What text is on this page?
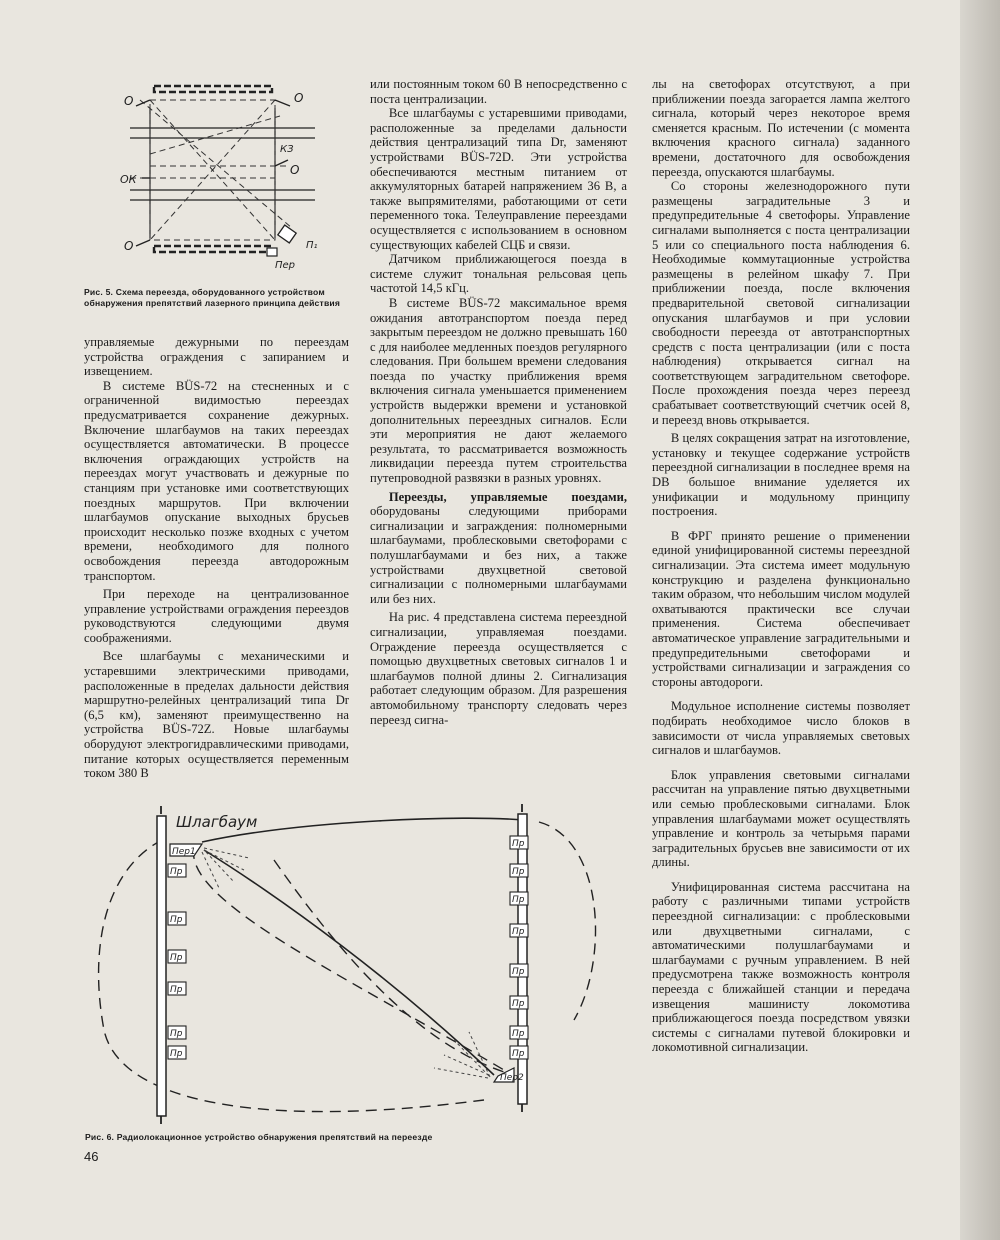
О	О
ОК
КЗ
О
О	П₁
Пер
Рис. 5. Схема переезда, оборудованного устройством обнаружения препятствий лазерного принципа действия

управляемые дежурными по переездам устройства ограждения с запиранием и извещением.

В системе BÜS-72 на стесненных и с ограниченной видимостью переездах предусматривается сохранение дежурных. Включение шлагбаумов на таких переездах осуществляется автоматически. В процессе включения ограждающих устройств на переездах могут участвовать и дежурные по станциям при установке ими соответствующих поездных маршрутов. При включении шлагбаумов опускание выходных брусьев происходит несколько позже входных с учетом времени, необходимого для полного освобождения переезда автодорожным транспортом.

При переходе на централизованное управление устройствами ограждения переездов руководствуются следующими двумя соображениями.

Все шлагбаумы с механическими и устаревшими электрическими приводами, расположенные в пределах дальности действия маршрутно-релейных централизаций типа Dr (6,5 км), заменяют преимущественно на устройства BÜS-72Z. Новые шлагбаумы оборудуют электрогидравлическими приводами, питание которых осуществляется переменным током 380 В

или постоянным током 60 В непосредственно с поста централизации.

Все шлагбаумы с устаревшими приводами, расположенные за пределами дальности действия централизаций типа Dr, заменяют устройствами BÜS-72D. Эти устройства обеспечиваются местным питанием от аккумуляторных батарей напряжением 36 В, а также выпрямителями, работающими от сети переменного тока. Телеуправление переездами осуществляется с использованием в основном существующих кабелей СЦБ и связи.

Датчиком приближающегося поезда в системе служит тональная рельсовая цепь частотой 14,5 кГц.

В системе BÜS-72 максимальное время ожидания автотранспортом поезда перед закрытым переездом не должно превышать 160 с для наиболее медленных поездов регулярного следования. При большем времени следования поезда по участку приближения время включения сигнала уменьшается применением устройств выдержки времени и установкой дополнительных переездных сигналов. Если эти мероприятия не дают желаемого результата, то рассматривается возможность ликвидации переезда путем строительства путепроводной развязки в разных уровнях.

Переезды, управляемые поездами, оборудованы следующими приборами сигнализации и заграждения: полномерными шлагбаумами, проблесковыми светофорами с полушлагбаумами и без них, а также устройствами двухцветной световой сигнализации с полномерными шлагбаумами или без них.

На рис. 4 представлена система переездной сигнализации, управляемая поездами. Ограждение переезда осуществляется с помощью двухцветных световых сигналов 1 и шлагбаумов полной длины 2. Сигнализация работает следующим образом. Для разрешения автомобильному транспорту следовать через переезд сигна-

лы на светофорах отсутствуют, а при приближении поезда загорается лампа желтого сигнала, который через некоторое время сменяется красным. По истечении (с момента включения красного сигнала) заданного времени, достаточного для освобождения переезда, опускаются шлагбаумы.

Со стороны железнодорожного пути размещены заградительные 3 и предупредительные 4 светофоры. Управление сигналами выполняется с поста централизации 5 или со специального поста наблюдения 6. Необходимые коммутационные устройства размещены в релейном шкафу 7. При приближении поезда, после включения предварительной световой сигнализации опускания шлагбаумов и при условии свободности переезда от автотранспортных средств с поста централизации (или с поста наблюдения) открывается сигнал на соответствующем заградительном светофоре. После прохождения поезда через переезд срабатывает соответствующий счетчик осей 8, и переезд вновь открывается.

В целях сокращения затрат на изготовление, установку и текущее содержание устройств переездной сигнализации в последнее время на DB большое внимание уделяется их унификации и модульному принципу построения.

В ФРГ принято решение о применении единой унифицированной системы переездной сигнализации. Эта система имеет модульную конструкцию и разделена функционально таким образом, что небольшим числом модулей охватываются практически все случаи применения. Система обеспечивает автоматическое управление заградительными и предупредительными светофорами и устройствами сигнализации и заграждения со стороны автодороги.

Модульное исполнение системы позволяет подбирать необходимое число блоков в зависимости от числа управляемых световых сигналов и шлагбаумов.

Блок управления световыми сигналами рассчитан на управление пятью двухцветными или семью проблесковыми сигналами. Блок управления шлагбаумами может осуществлять управление и контроль за четырьмя парами заградительных брусьев вне зависимости от их длины.

Унифицированная система рассчитана на работу с различными типами устройств переездной сигнализации: с проблесковыми или двухцветными сигналами, с автоматическими полушлагбаумами и шлагбаумами с ручным управлением. В ней предусмотрена также возможность контроля переезда с ближайшей станции и передача извещения машинисту локомотива приближающегося поезда посредством увязки системы с сигналами путевой блокировки и локомотивной сигнализации.

Пр
Пр
Пр
Пр
Пр
Пр
Пр
Пр
Пр
Пр
Пр
Пр
Пр
Пр
Шлагбаум
Пер1
Пер2
Рис. 6. Радиолокационное устройство обнаружения препятствий на переезде
46
